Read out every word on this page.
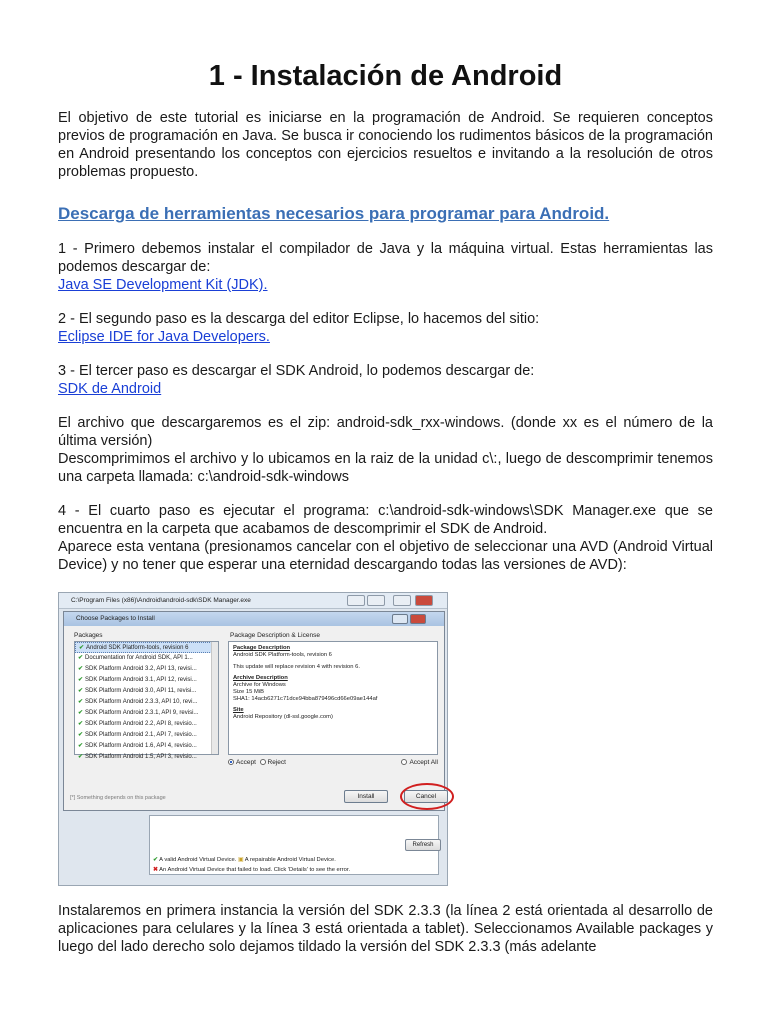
1 - Instalación de Android

El objetivo de este tutorial es iniciarse en la programación de Android. Se requieren conceptos previos de programación en Java. Se busca ir conociendo los rudimentos básicos de la programación en Android presentando los conceptos con ejercicios resueltos e invitando a la resolución de otros problemas propuesto.

Descarga de herramientas necesarios para programar para Android.

1 - Primero debemos instalar el compilador de Java y la máquina virtual. Estas herramientas las podemos descargar de:

Java SE Development Kit (JDK).

2 - El segundo paso es la descarga del editor Eclipse, lo hacemos del sitio:

Eclipse IDE for Java Developers.

3 - El tercer paso es descargar el SDK Android, lo podemos descargar de:

SDK de Android

El archivo que descargaremos es el zip: android-sdk_rxx-windows. (donde xx es el número de la última versión)

Descomprimimos el archivo y lo ubicamos en la raiz de la unidad c\:, luego de descomprimir tenemos una carpeta llamada: c:\android-sdk-windows

4 - El cuarto paso es ejecutar el programa: c:\android-sdk-windows\SDK Manager.exe que se encuentra en la carpeta que acabamos de descomprimir el SDK de Android.

Aparece esta ventana (presionamos cancelar con el objetivo de seleccionar una AVD (Android Virtual Device) y no tener que esperar una eternidad descargando todas las versiones de AVD):

C:\Program Files (x86)\Android\android-sdk\SDK Manager.exe
Choose Packages to Install
Packages
✔ Android SDK Platform-tools, revision 6
✔ Documentation for Android SDK, API 1...
✔ SDK Platform Android 3.2, API 13, revisi...
✔ SDK Platform Android 3.1, API 12, revisi...
✔ SDK Platform Android 3.0, API 11, revisi...
✔ SDK Platform Android 2.3.3, API 10, revi...
✔ SDK Platform Android 2.3.1, API 9, revisi...
✔ SDK Platform Android 2.2, API 8, revisio...
✔ SDK Platform Android 2.1, API 7, revisio...
✔ SDK Platform Android 1.6, API 4, revisio...
✔ SDK Platform Android 1.5, API 3, revisio...
Package Description & License
Package Description
Android SDK Platform-tools, revision 6
This update will replace revision 4 with revision 6.
Archive Description
Archive for Windows
Size 15 MiB
SHA1: 14acb6271c71dce94bba879496cd66e09ae144af
Site
Android Repository (dl-ssl.google.com)
Accept Reject	Accept All
[*] Something depends on this package	Install	Cancel
Refresh
✔ A valid Android Virtual Device. ▣ A repairable Android Virtual Device.
✖ An Android Virtual Device that failed to load. Click 'Details' to see the error.

Instalaremos en primera instancia la versión del SDK 2.3.3 (la línea 2 está orientada al desarrollo de aplicaciones para celulares y la línea 3 está orientada a tablet). Seleccionamos Available packages y luego del lado derecho solo dejamos tildado la versión del SDK 2.3.3 (más adelante
